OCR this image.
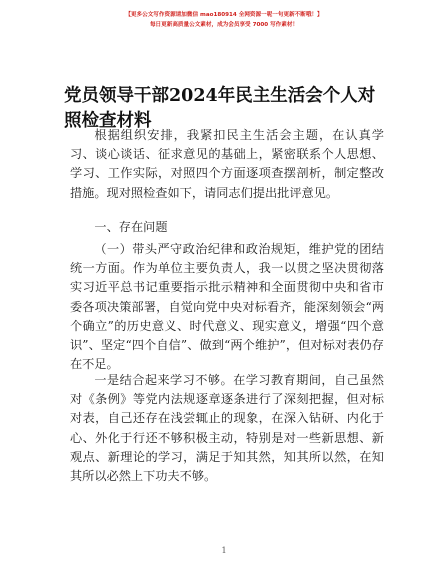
【更多公文写作资源请加微信 mao180914 全网资源一呢一句更新不断哦！】
每日更新高质量公文素材，成为会员享受 7000 写作素材！
党员领导干部2024年民主生活会个人对照检查材料

根据组织安排，我紧扣民主生活会主题，在认真学习、谈心谈话、征求意见的基础上，紧密联系个人思想、学习、工作实际，对照四个方面逐项查摆剖析，制定整改措施。现对照检查如下，请同志们提出批评意见。

一、存在问题

（一）带头严守政治纪律和政治规矩，维护党的团结统一方面。作为单位主要负责人，我一以贯之坚决贯彻落实习近平总书记重要指示批示精神和全面贯彻中央和省市委各项决策部署，自觉向党中央对标看齐，能深刻领会“两个确立”的历史意义、时代意义、现实意义，增强“四个意识”、坚定“四个自信”、做到“两个维护”，但对标对表仍存在不足。

一是结合起来学习不够。在学习教育期间，自己虽然对《条例》等党内法规逐章逐条进行了深刻把握，但对标对表，自己还存在浅尝辄止的现象，在深入钻研、内化于心、外化于行还不够积极主动，特别是对一些新思想、新观点、新理论的学习，满足于知其然，知其所以然，在知其所以必然上下功夫不够。

1
